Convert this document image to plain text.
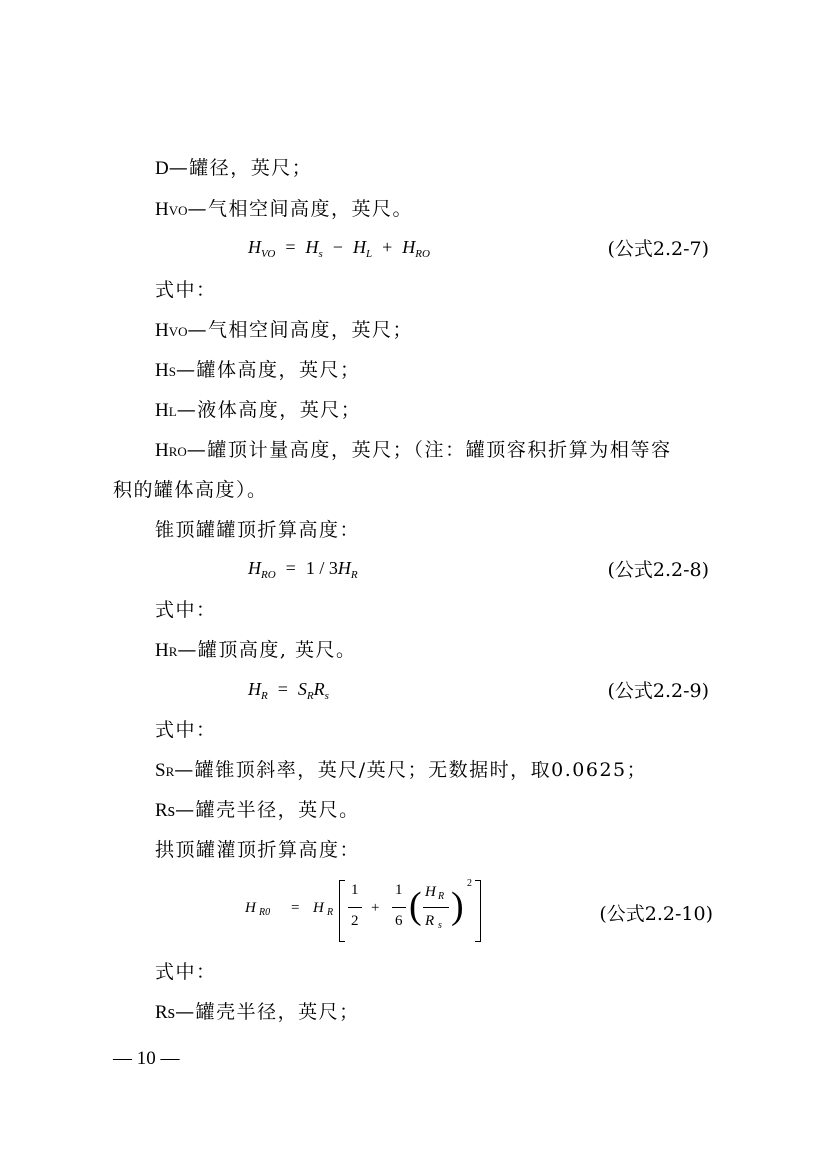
D—罐径，英尺；
HVO—气相空间高度，英尺。
$H_{VO} = H_s - H_L + H_{RO}$	(公式2.2-7)
式中：
HVO—气相空间高度，英尺；
HS—罐体高度，英尺；
HL—液体高度，英尺；
HRO—罐顶计量高度，英尺；（注：罐顶容积折算为相等容
积的罐体高度）。
锥顶罐罐顶折算高度：
$H_{RO} = 1 / 3H_R$	(公式2.2-8)
式中：
HR—罐顶高度, 英尺。
$H_R = S_RR_s$	(公式2.2-9)
式中：
SR—罐锥顶斜率，英尺/英尺；无数据时，取0.0625；
Rs—罐壳半径，英尺。
拱顶罐灌顶折算高度：
H R0 = H R
1
2
+
1
6 ( H R
R s )
2
(公式2.2-10)
式中：
Rs—罐壳半径，英尺；
— 10 —
